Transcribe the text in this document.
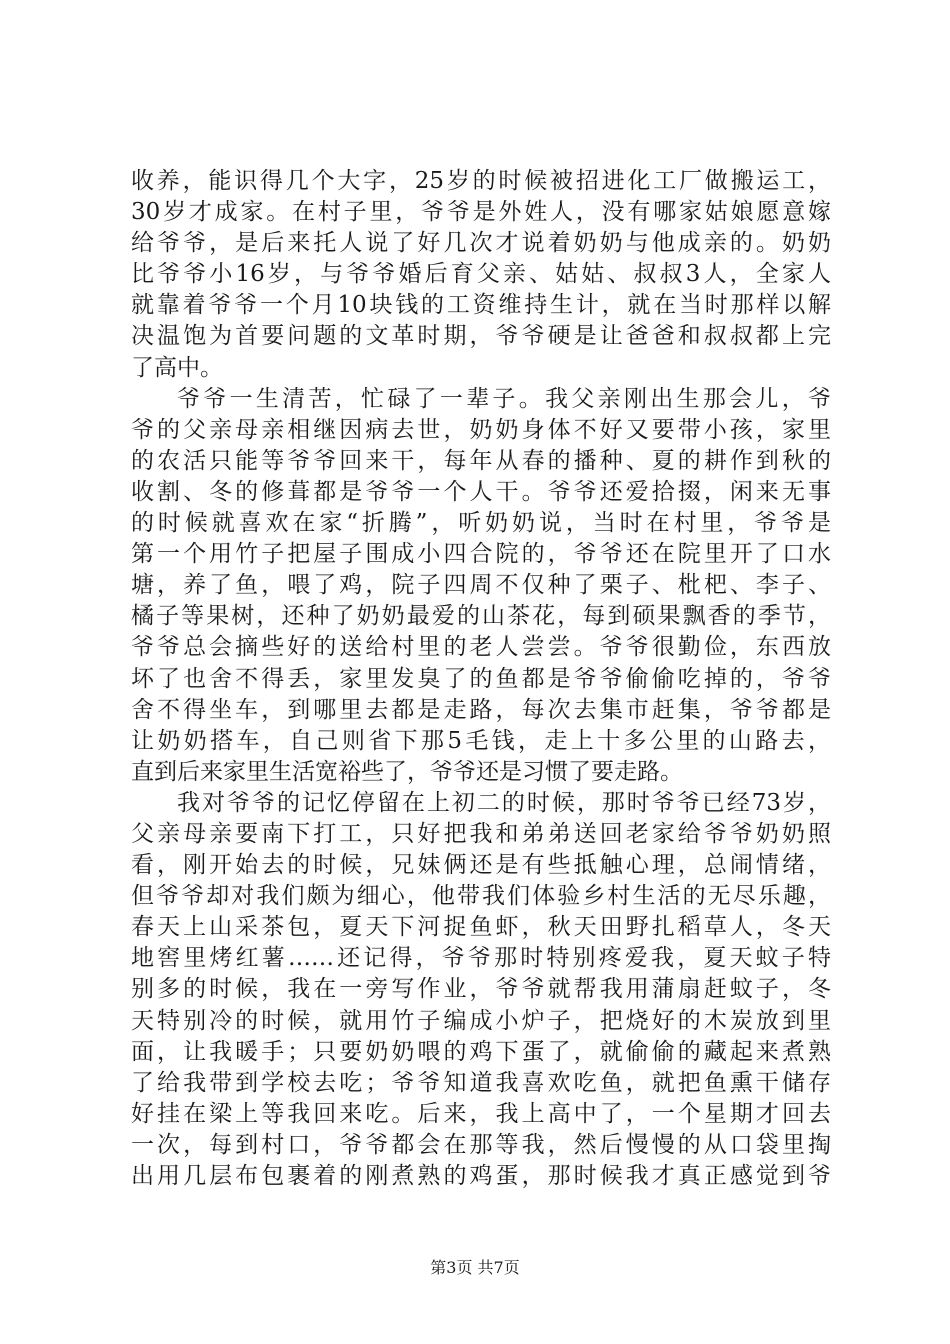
收养，能识得几个大字，25岁的时候被招进化工厂做搬运工，
30岁才成家。在村子里，爷爷是外姓人，没有哪家姑娘愿意嫁
给爷爷，是后来托人说了好几次才说着奶奶与他成亲的。奶奶
比爷爷小16岁，与爷爷婚后育父亲、姑姑、叔叔3人，全家人
就靠着爷爷一个月10块钱的工资维持生计，就在当时那样以解
决温饱为首要问题的文革时期，爷爷硬是让爸爸和叔叔都上完
了高中。
爷爷一生清苦，忙碌了一辈子。我父亲刚出生那会儿，爷
爷的父亲母亲相继因病去世，奶奶身体不好又要带小孩，家里
的农活只能等爷爷回来干，每年从春的播种、夏的耕作到秋的
收割、冬的修葺都是爷爷一个人干。爷爷还爱拾掇，闲来无事
的时候就喜欢在家“折腾”，听奶奶说，当时在村里，爷爷是
第一个用竹子把屋子围成小四合院的，爷爷还在院里开了口水
塘，养了鱼，喂了鸡，院子四周不仅种了栗子、枇杷、李子、
橘子等果树，还种了奶奶最爱的山茶花，每到硕果飘香的季节，
爷爷总会摘些好的送给村里的老人尝尝。爷爷很勤俭，东西放
坏了也舍不得丢，家里发臭了的鱼都是爷爷偷偷吃掉的，爷爷
舍不得坐车，到哪里去都是走路，每次去集市赶集，爷爷都是
让奶奶搭车，自己则省下那5毛钱，走上十多公里的山路去，
直到后来家里生活宽裕些了，爷爷还是习惯了要走路。
我对爷爷的记忆停留在上初二的时候，那时爷爷已经73岁，
父亲母亲要南下打工，只好把我和弟弟送回老家给爷爷奶奶照
看，刚开始去的时候，兄妹俩还是有些抵触心理，总闹情绪，
但爷爷却对我们颇为细心，他带我们体验乡村生活的无尽乐趣，
春天上山采茶包，夏天下河捉鱼虾，秋天田野扎稻草人，冬天
地窖里烤红薯……还记得，爷爷那时特别疼爱我，夏天蚊子特
别多的时候，我在一旁写作业，爷爷就帮我用蒲扇赶蚊子，冬
天特别冷的时候，就用竹子编成小炉子，把烧好的木炭放到里
面，让我暖手；只要奶奶喂的鸡下蛋了，就偷偷的藏起来煮熟
了给我带到学校去吃；爷爷知道我喜欢吃鱼，就把鱼熏干储存
好挂在梁上等我回来吃。后来，我上高中了，一个星期才回去
一次，每到村口，爷爷都会在那等我，然后慢慢的从口袋里掏
出用几层布包裹着的刚煮熟的鸡蛋，那时候我才真正感觉到爷
第3页 共7页
